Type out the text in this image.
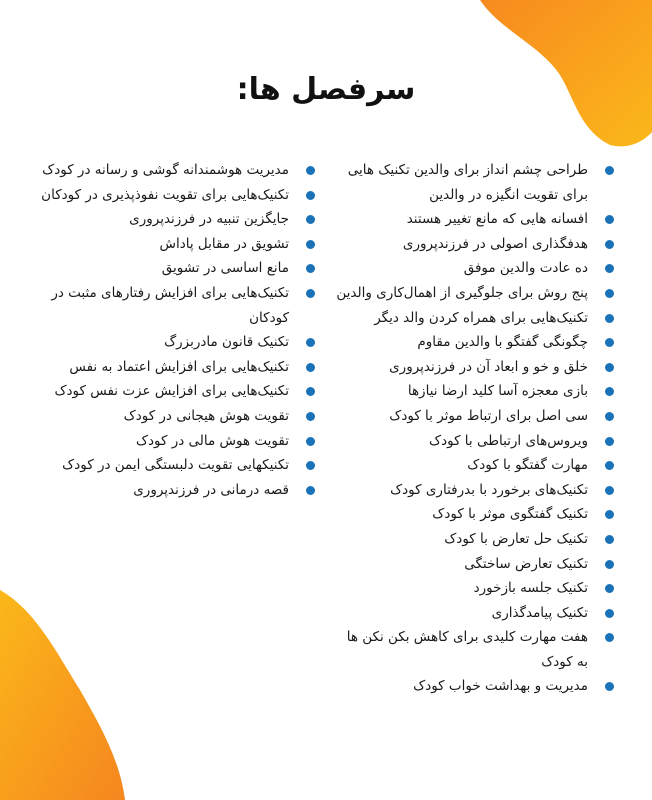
سرفصل ها:
طراحی چشم انداز برای والدین تکنیک هایی برای تقویت انگیزه در والدین
افسانه هایی که مانع تغییر هستند
هدفگذاری اصولی در فرزندپروری
ده عادت والدین موفق
پنج روش برای جلوگیری از اهمال‌کاری والدین
تکنیک‌هایی برای همراه کردن والد دیگر
چگونگی گفتگو با والدین مقاوم
خلق و خو و ابعاد آن در فرزندپروری
بازی معجزه آسا کلید ارضا نیازها
سی اصل برای ارتباط موثر با کودک
ویروس‌های ارتباطی با کودک
مهارت گفتگو با کودک
تکنیک‌های برخورد با بدرفتاری کودک
تکنیک گفتگوی موثر با کودک
تکنیک حل تعارض با کودک
تکنیک تعارض ساختگی
تکنیک جلسه بازخورد
تکنیک پیامدگذاری
هفت مهارت کلیدی برای کاهش بکن نکن ها به کودک
مدیریت و بهداشت خواب کودک
مدیریت هوشمندانه گوشی و رسانه در کودک
تکنیک‌هایی برای تقویت نفوذپذیری در کودکان
جایگزین تنبیه در فرزندپروری
تشویق در مقابل پاداش
مانع اساسی در تشویق
تکنیک‌هایی برای افزایش رفتارهای مثبت در کودکان
تکنیک قانون مادربزرگ
تکنیک‌هایی برای افزایش اعتماد به نفس
تکنیک‌هایی برای افزایش عزت نفس کودک
تقویت هوش هیجانی در کودک
تقویت هوش مالی در کودک
تکنیکهایی تقویت دلبستگی ایمن در کودک
قصه درمانی در فرزندپروری
